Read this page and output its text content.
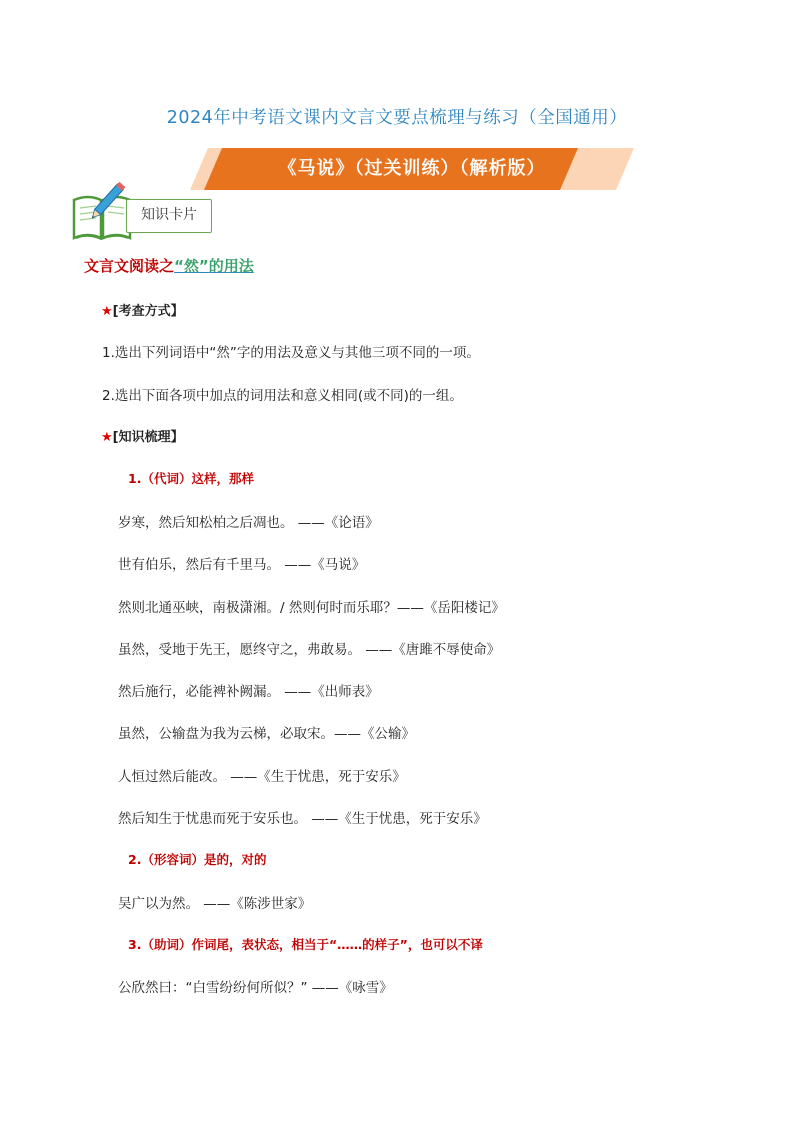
2024年中考语文课内文言文要点梳理与练习（全国通用）
《马说》（过关训练）（解析版）
知识卡片
文言文阅读之“然”的用法
★[考查方式】
1.选出下列词语中“然”字的用法及意义与其他三项不同的一项。
2.选出下面各项中加点的词用法和意义相同(或不同)的一组。
★[知识梳理】
1.（代词）这样，那样
岁寒，然后知松柏之后凋也。 ——《论语》
世有伯乐，然后有千里马。 ——《马说》
然则北通巫峡，南极潇湘。/ 然则何时而乐耶？——《岳阳楼记》
虽然，受地于先王，愿终守之，弗敢易。 ——《唐雎不辱使命》
然后施行，必能裨补阙漏。 ——《出师表》
虽然，公输盘为我为云梯，必取宋。——《公输》
人恒过然后能改。 ——《生于忧患，死于安乐》
然后知生于忧患而死于安乐也。 ——《生于忧患，死于安乐》
2.（形容词）是的，对的
吴广以为然。 ——《陈涉世家》
3.（助词）作词尾，表状态，相当于“……的样子”，也可以不译
公欣然曰：“白雪纷纷何所似？” ——《咏雪》
